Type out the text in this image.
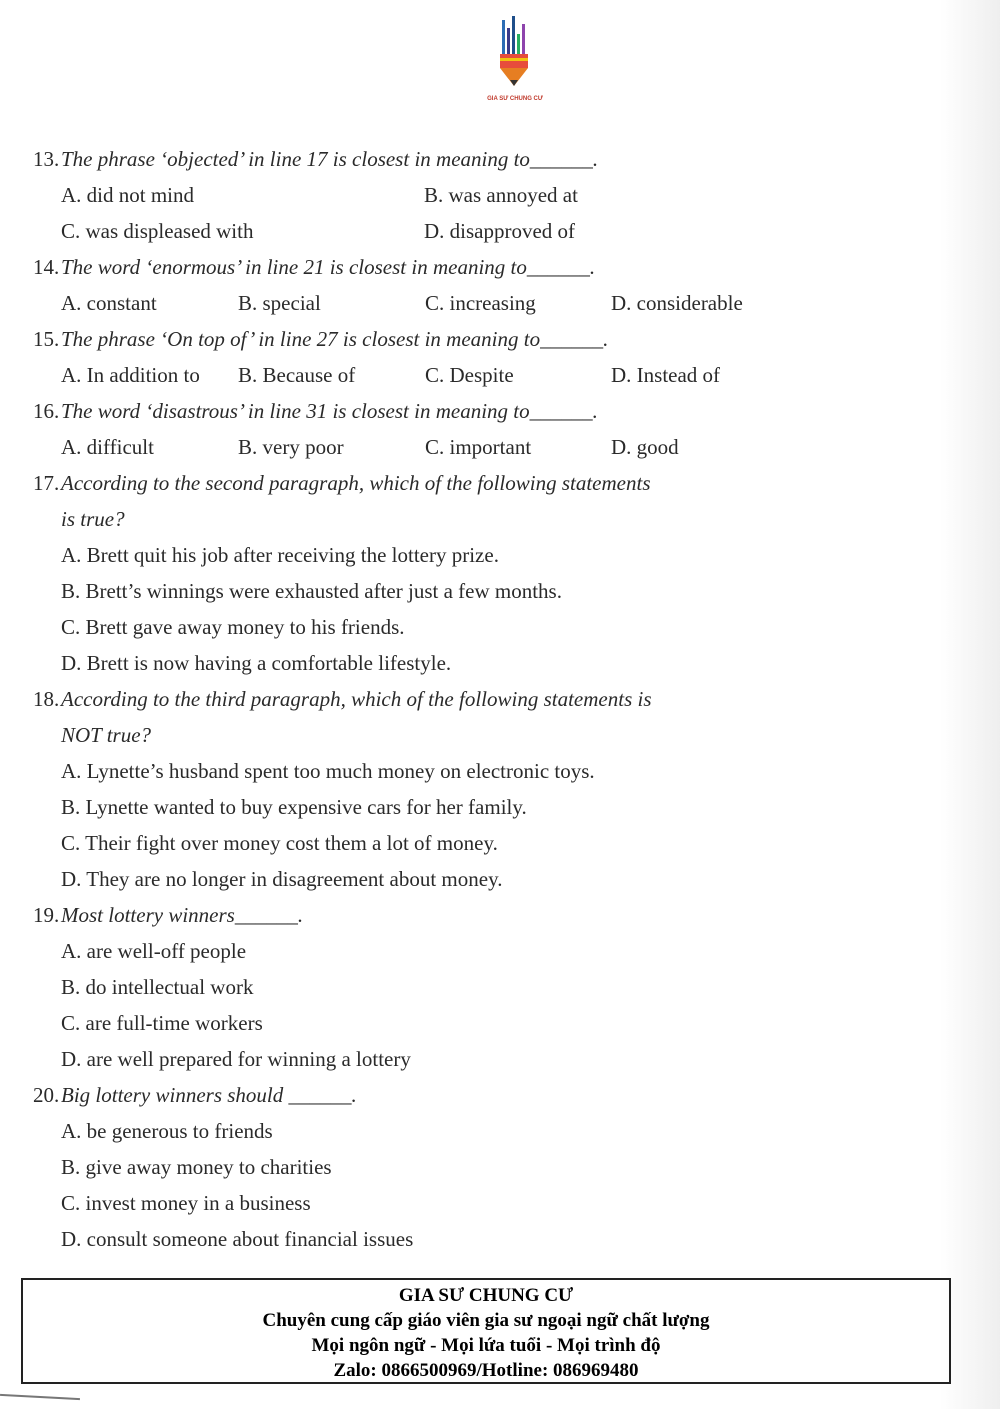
GIA SƯ CHUNG CƯ
13.The phrase ‘objected’ in line 17 is closest in meaning to______.
A. did not mind	B. was annoyed at
C. was displeased with	D. disapproved of
14.The word ‘enormous’ in line 21 is closest in meaning to______.
A. constant	B. special	C. increasing	D. considerable
15.The phrase ‘On top of’ in line 27 is closest in meaning to______.
A. In addition to B. Because of	C. Despite	D. Instead of
16.The word ‘disastrous’ in line 31 is closest in meaning to______.
A. difficult	B. very poor	C. important	D. good
17.According to the second paragraph, which of the following statements
is true?
A. Brett quit his job after receiving the lottery prize.
B. Brett’s winnings were exhausted after just a few months.
C. Brett gave away money to his friends.
D. Brett is now having a comfortable lifestyle.
18.According to the third paragraph, which of the following statements is
NOT true?
A. Lynette’s husband spent too much money on electronic toys.
B. Lynette wanted to buy expensive cars for her family.
C. Their fight over money cost them a lot of money.
D. They are no longer in disagreement about money.
19.Most lottery winners______.
A. are well-off people
B. do intellectual work
C. are full-time workers
D. are well prepared for winning a lottery
20.Big lottery winners should ______.
A. be generous to friends
B. give away money to charities
C. invest money in a business
D. consult someone about financial issues
GIA SƯ CHUNG CƯ
Chuyên cung cấp giáo viên gia sư ngoại ngữ chất lượng
Mọi ngôn ngữ - Mọi lứa tuổi - Mọi trình độ
Zalo: 0866500969/Hotline: 086969480
